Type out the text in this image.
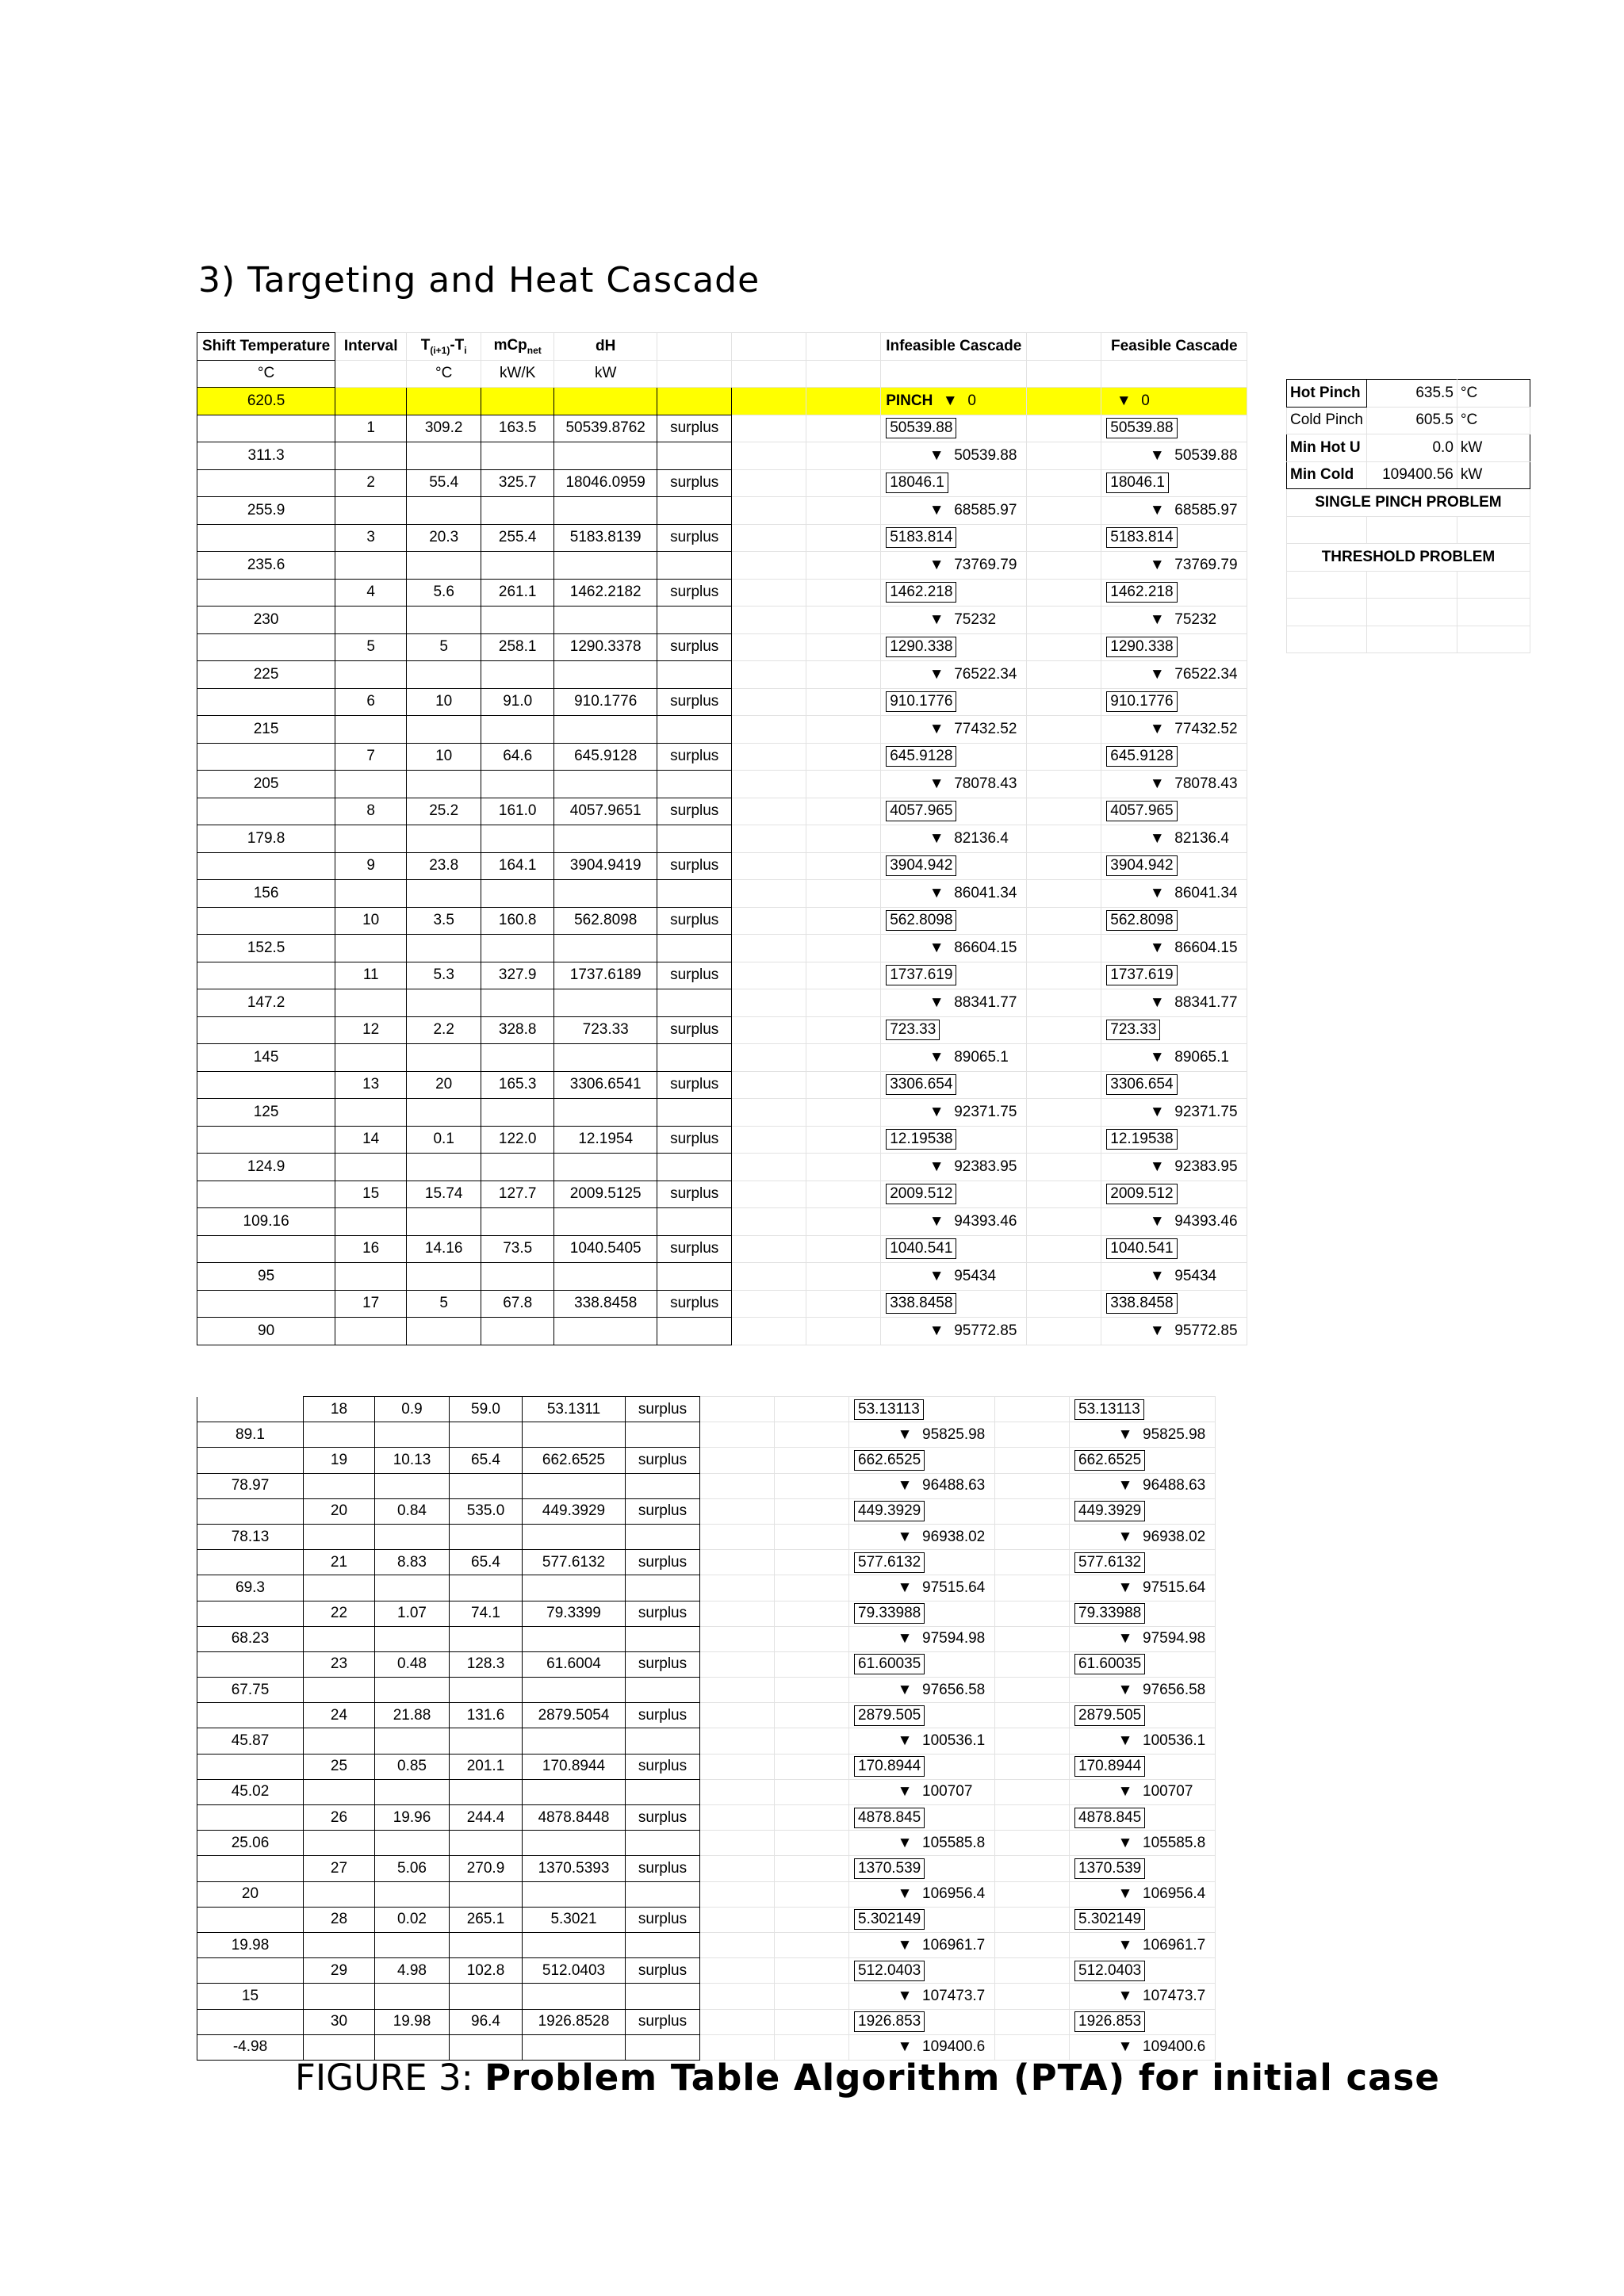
3) Targeting and Heat Cascade
Shift Temperature	Interval	$T_{(i+1)}-T_i$	mCp$_{net}$	dH				Infeasible Cascade		Feasible Cascade
°C		°C	kW/K	kW						
620.5								PINCH ▼ 0		▼ 0
	1	309.2	163.5	50539.8762	surplus			50539.88		50539.88
311.3								▼ 50539.88		▼ 50539.88
	2	55.4	325.7	18046.0959	surplus			18046.1		18046.1
255.9								▼ 68585.97		▼ 68585.97
	3	20.3	255.4	5183.8139	surplus			5183.814		5183.814
235.6								▼ 73769.79		▼ 73769.79
	4	5.6	261.1	1462.2182	surplus			1462.218		1462.218
230								▼ 75232		▼ 75232
	5	5	258.1	1290.3378	surplus			1290.338		1290.338
225								▼ 76522.34		▼ 76522.34
	6	10	91.0	910.1776	surplus			910.1776		910.1776
215								▼ 77432.52		▼ 77432.52
	7	10	64.6	645.9128	surplus			645.9128		645.9128
205								▼ 78078.43		▼ 78078.43
	8	25.2	161.0	4057.9651	surplus			4057.965		4057.965
179.8								▼ 82136.4		▼ 82136.4
	9	23.8	164.1	3904.9419	surplus			3904.942		3904.942
156								▼ 86041.34		▼ 86041.34
	10	3.5	160.8	562.8098	surplus			562.8098		562.8098
152.5								▼ 86604.15		▼ 86604.15
	11	5.3	327.9	1737.6189	surplus			1737.619		1737.619
147.2								▼ 88341.77		▼ 88341.77
	12	2.2	328.8	723.33	surplus			723.33		723.33
145								▼ 89065.1		▼ 89065.1
	13	20	165.3	3306.6541	surplus			3306.654		3306.654
125								▼ 92371.75		▼ 92371.75
	14	0.1	122.0	12.1954	surplus			12.19538		12.19538
124.9								▼ 92383.95		▼ 92383.95
	15	15.74	127.7	2009.5125	surplus			2009.512		2009.512
109.16								▼ 94393.46		▼ 94393.46
	16	14.16	73.5	1040.5405	surplus			1040.541		1040.541
95								▼ 95434		▼ 95434
	17	5	67.8	338.8458	surplus			338.8458		338.8458
90								▼ 95772.85		▼ 95772.85
	18	0.9	59.0	53.1311	surplus			53.13113		53.13113
89.1								▼ 95825.98		▼ 95825.98
	19	10.13	65.4	662.6525	surplus			662.6525		662.6525
78.97								▼ 96488.63		▼ 96488.63
	20	0.84	535.0	449.3929	surplus			449.3929		449.3929
78.13								▼ 96938.02		▼ 96938.02
	21	8.83	65.4	577.6132	surplus			577.6132		577.6132
69.3								▼ 97515.64		▼ 97515.64
	22	1.07	74.1	79.3399	surplus			79.33988		79.33988
68.23								▼ 97594.98		▼ 97594.98
	23	0.48	128.3	61.6004	surplus			61.60035		61.60035
67.75								▼ 97656.58		▼ 97656.58
	24	21.88	131.6	2879.5054	surplus			2879.505		2879.505
45.87								▼ 100536.1		▼ 100536.1
	25	0.85	201.1	170.8944	surplus			170.8944		170.8944
45.02								▼ 100707		▼ 100707
	26	19.96	244.4	4878.8448	surplus			4878.845		4878.845
25.06								▼ 105585.8		▼ 105585.8
	27	5.06	270.9	1370.5393	surplus			1370.539		1370.539
20								▼ 106956.4		▼ 106956.4
	28	0.02	265.1	5.3021	surplus			5.302149		5.302149
19.98								▼ 106961.7		▼ 106961.7
	29	4.98	102.8	512.0403	surplus			512.0403		512.0403
15								▼ 107473.7		▼ 107473.7
	30	19.98	96.4	1926.8528	surplus			1926.853		1926.853
-4.98								▼ 109400.6		▼ 109400.6
Hot Pinch	635.5	°C
Cold Pinch	605.5	°C
Min Hot U	0.0	kW
Min Cold	109400.56	kW
SINGLE PINCH PROBLEM		

THRESHOLD PROBLEM		

FIGURE 3: Problem Table Algorithm (PTA) for initial case
